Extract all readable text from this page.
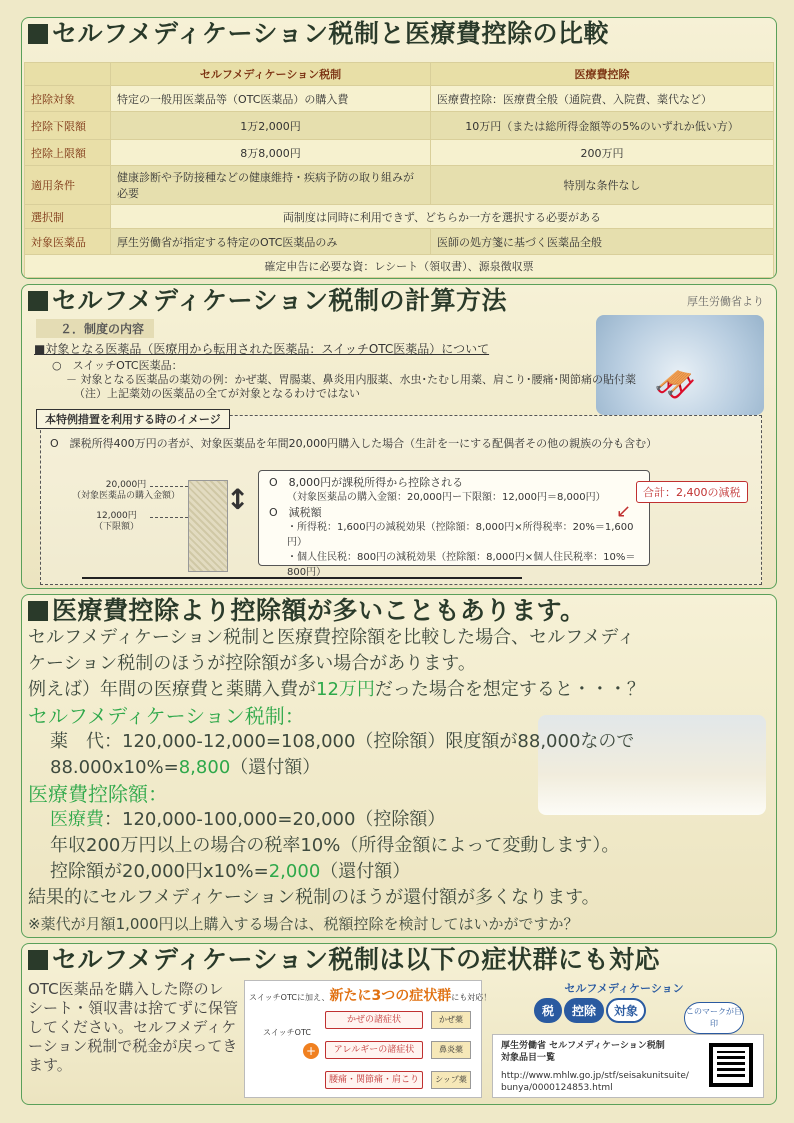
セルフメディケーション税制と医療費控除の比較
	セルフメディケーション税制	医療費控除
控除対象	特定の一般用医薬品等（OTC医薬品）の購入費	医療費控除：医療費全般（通院費、入院費、薬代など）
控除下限額	1万2,000円	10万円（または総所得金額等の5%のいずれか低い方）
控除上限額	8万8,000円	200万円
適用条件	健康診断や予防接種などの健康維持・疾病予防の取り組みが必要	特別な条件なし
選択制	両制度は同時に利用できず、どちらか一方を選択する必要がある	
対象医薬品	厚生労働省が指定する特定のOTC医薬品のみ	医師の処方箋に基づく医薬品全般
確定申告に必要な資：レシート（領収書）、源泉徴収票		
セルフメディケーション税制の計算方法	厚生労働省より
🛷
２．制度の内容
■対象となる医薬品（医療用から転用された医薬品：スイッチOTC医薬品）について
○　スイッチOTC医薬品：
－ 対象となる医薬品の薬効の例：かぜ薬、胃腸薬、鼻炎用内服薬、水虫･たむし用薬、肩こり･腰痛･関節痛の貼付薬
（注）上記薬効の医薬品の全てが対象となるわけではない
本特例措置を利用する時のイメージ
O　課税所得400万円の者が、対象医薬品を年間20,000円購入した場合（生計を一にする配偶者その他の親族の分も含む）
20,000円
（対象医薬品の購入金額）
12,000円
（下限額）
↕
O　8,000円が課税所得から控除される
（対象医薬品の購入金額：20,000円ー下限額：12,000円＝8,000円）
O　減税額
・所得税：1,600円の減税効果（控除額：8,000円×所得税率：20%＝1,600円）
・個人住民税：800円の減税効果（控除額：8,000円×個人住民税率：10%＝800円）
合計：2,400の減税
↙
医療費控除より控除額が多いこともあります。
セルフメディケーション税制と医療費控除額を比較した場合、セルフメディ
ケーション税制のほうが控除額が多い場合があります。
例えば）年間の医療費と薬購入費が12万円だった場合を想定すると・・・？
セルフメディケーション税制：
薬　代：120,000-12,000=108,000（控除額）限度額が88,000なので
88.000x10%=8,800（還付額）
医療費控除額：
医療費：120,000-100,000=20,000（控除額）
年収200万円以上の場合の税率10%（所得金額によって変動します）。
控除額が20,000円x10%=2,000（還付額）
結果的にセルフメディケーション税制のほうが還付額が多くなります。
※薬代が月額1,000円以上購入する場合は、税額控除を検討してはいかがですか？
セルフメディケーション税制は以下の症状群にも対応
OTC医薬品を購入した際のレシート・領収書は捨てずに保管してください。セルフメディケーション税制で税金が戻ってきます。
スイッチOTCに加え、新たに3つの症状群にも対応！
スイッチOTC
+
かぜの諸症状
アレルギーの諸症状
腰痛・関節痛・肩こり
かぜ薬
鼻炎薬
シップ薬
セルフメディケーション
税 控除 対象	このマークが目印
厚生労働省 セルフメディケーション税制
対象品目一覧
http://www.mhlw.go.jp/stf/seisakunitsuite/
bunya/0000124853.html
